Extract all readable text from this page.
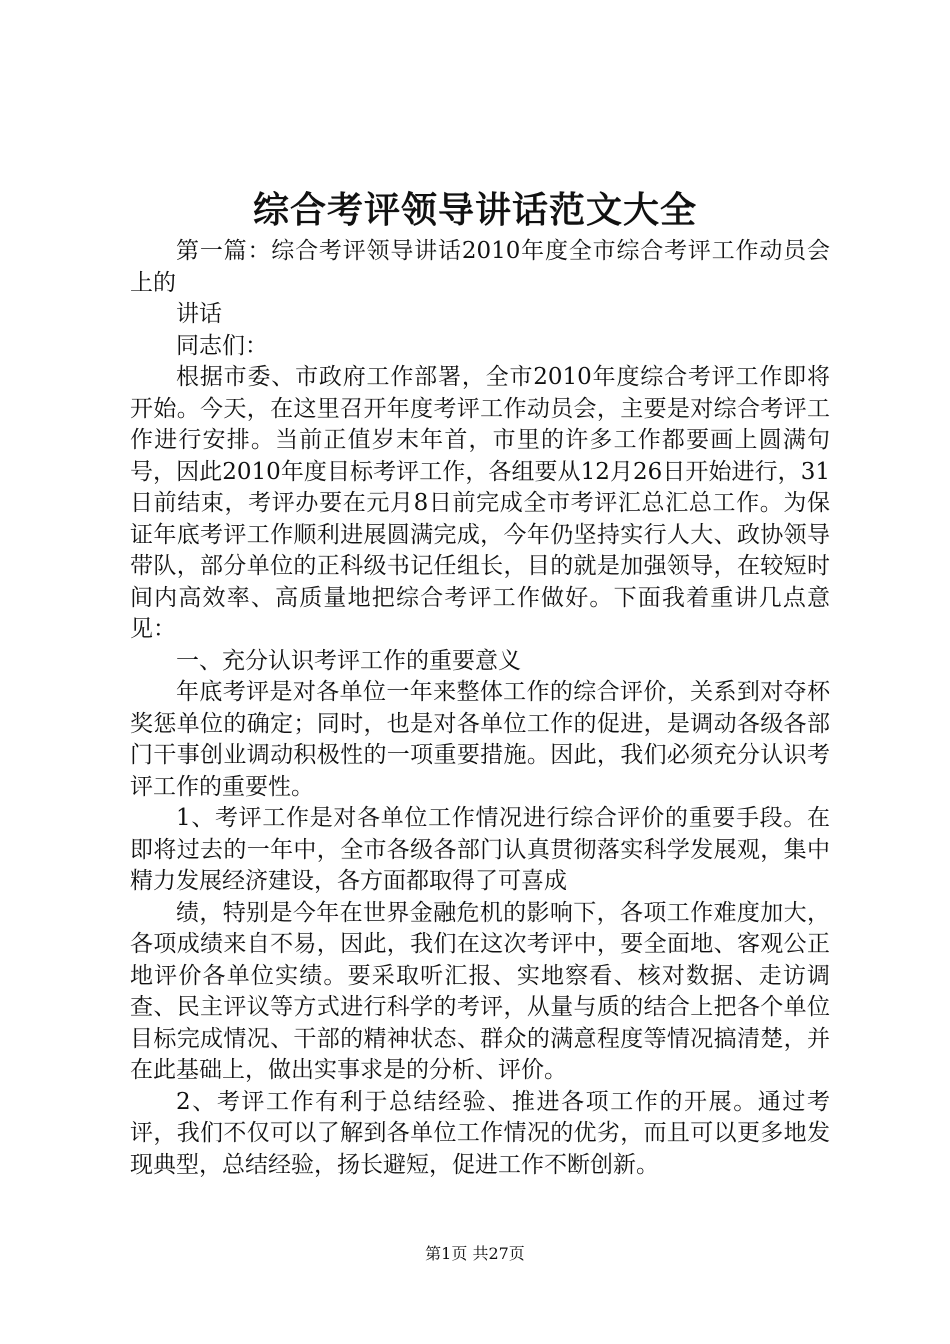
综合考评领导讲话范文大全

第一篇：综合考评领导讲话2010年度全市综合考评工作动员会上的

讲话

同志们：

根据市委、市政府工作部署，全市2010年度综合考评工作即将开始。今天，在这里召开年度考评工作动员会，主要是对综合考评工作进行安排。当前正值岁末年首，市里的许多工作都要画上圆满句号，因此2010年度目标考评工作，各组要从12月26日开始进行，31日前结束，考评办要在元月8日前完成全市考评汇总汇总工作。为保证年底考评工作顺利进展圆满完成，今年仍坚持实行人大、政协领导带队，部分单位的正科级书记任组长，目的就是加强领导，在较短时间内高效率、高质量地把综合考评工作做好。下面我着重讲几点意见：

一、充分认识考评工作的重要意义

年底考评是对各单位一年来整体工作的综合评价，关系到对夺杯奖惩单位的确定；同时，也是对各单位工作的促进，是调动各级各部门干事创业调动积极性的一项重要措施。因此，我们必须充分认识考评工作的重要性。

1、考评工作是对各单位工作情况进行综合评价的重要手段。在即将过去的一年中，全市各级各部门认真贯彻落实科学发展观，集中精力发展经济建设，各方面都取得了可喜成

绩，特别是今年在世界金融危机的影响下，各项工作难度加大，各项成绩来自不易，因此，我们在这次考评中，要全面地、客观公正地评价各单位实绩。要采取听汇报、实地察看、核对数据、走访调查、民主评议等方式进行科学的考评，从量与质的结合上把各个单位目标完成情况、干部的精神状态、群众的满意程度等情况搞清楚，并在此基础上，做出实事求是的分析、评价。

2、考评工作有利于总结经验、推进各项工作的开展。通过考评，我们不仅可以了解到各单位工作情况的优劣，而且可以更多地发现典型，总结经验，扬长避短，促进工作不断创新。

第1页 共27页
